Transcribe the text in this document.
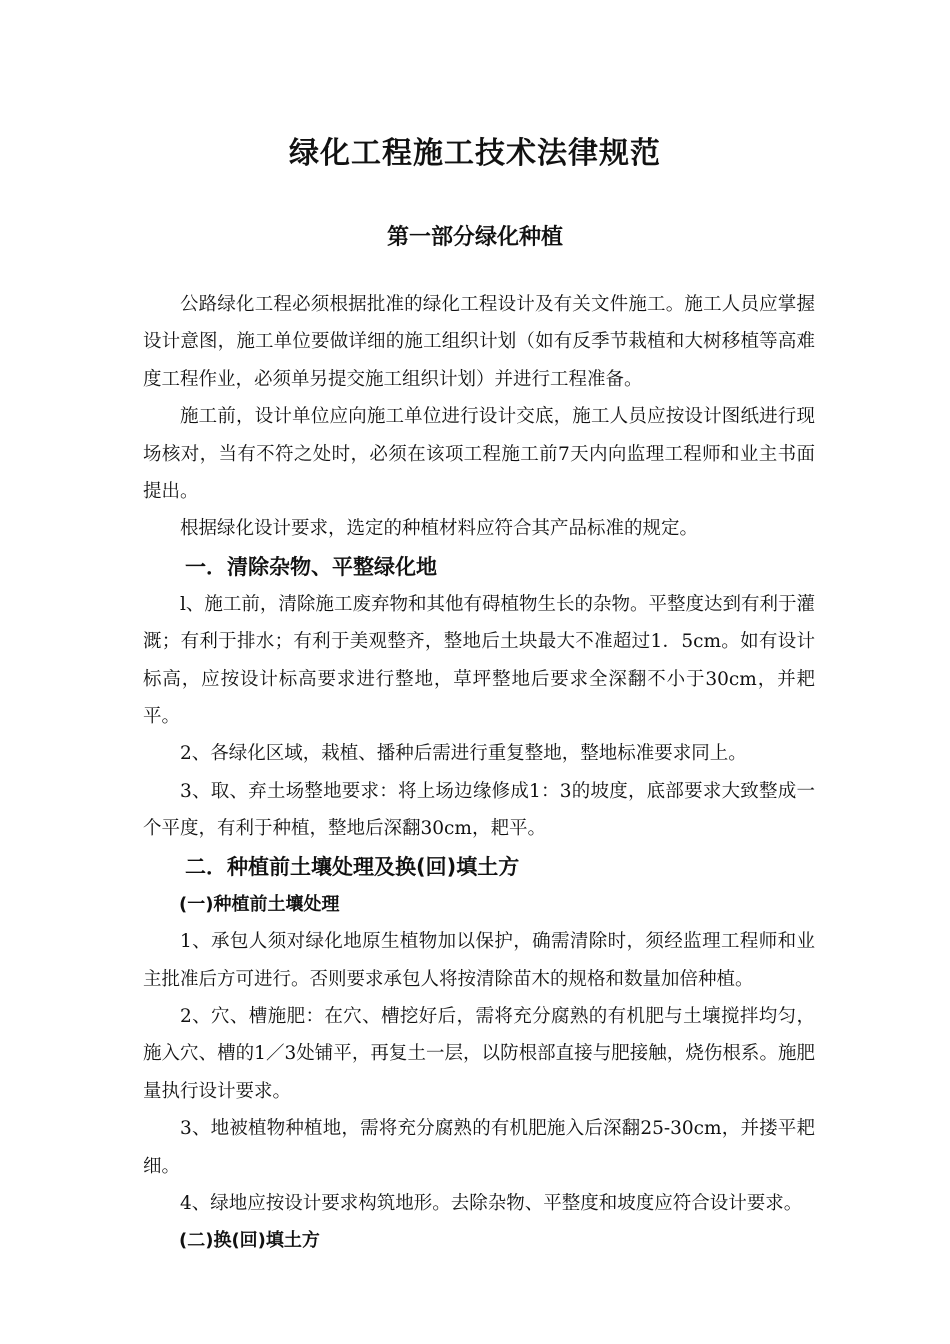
绿化工程施工技术法律规范
第一部分绿化种植

公路绿化工程必须根据批准的绿化工程设计及有关文件施工。施工人员应掌握设计意图，施工单位要做详细的施工组织计划（如有反季节栽植和大树移植等高难度工程作业，必须单另提交施工组织计划）并进行工程准备。

施工前，设计单位应向施工单位进行设计交底，施工人员应按设计图纸进行现场核对，当有不符之处时，必须在该项工程施工前7天内向监理工程师和业主书面提出。

根据绿化设计要求，选定的种植材料应符合其产品标准的规定。

一．清除杂物、平整绿化地

l、施工前，清除施工废弃物和其他有碍植物生长的杂物。平整度达到有利于灌溉；有利于排水；有利于美观整齐，整地后土块最大不准超过1．5cm。如有设计标高，应按设计标高要求进行整地，草坪整地后要求全深翻不小于30cm，并耙平。

2、各绿化区域，栽植、播种后需进行重复整地，整地标准要求同上。

3、取、弃土场整地要求：将上场边缘修成1：3的坡度，底部要求大致整成一个平度，有利于种植，整地后深翻30cm，耙平。

二．种植前土壤处理及换(回)填土方

(一)种植前土壤处理

1、承包人须对绿化地原生植物加以保护，确需清除时，须经监理工程师和业主批准后方可进行。否则要求承包人将按清除苗木的规格和数量加倍种植。

2、穴、槽施肥：在穴、槽挖好后，需将充分腐熟的有机肥与土壤搅拌均匀，施入穴、槽的1／3处铺平，再复土一层，以防根部直接与肥接触，烧伤根系。施肥量执行设计要求。

3、地被植物种植地，需将充分腐熟的有机肥施入后深翻25-30cm，并搂平耙细。

4、绿地应按设计要求构筑地形。去除杂物、平整度和坡度应符合设计要求。

(二)换(回)填土方
